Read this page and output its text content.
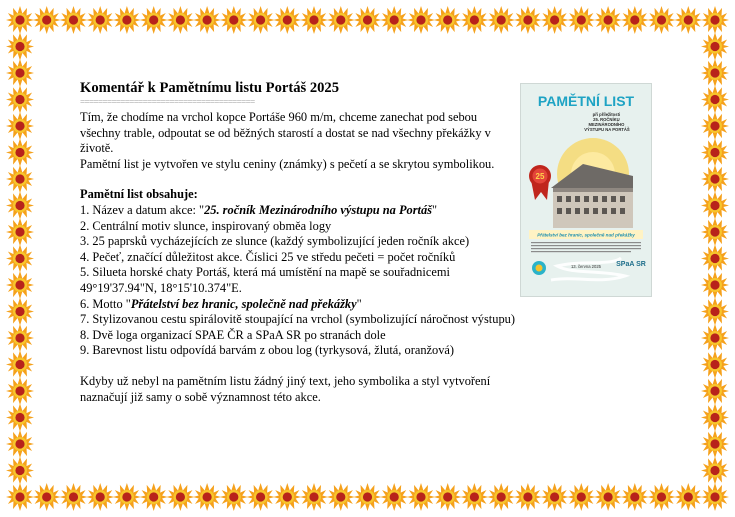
Komentář k Pamětnímu listu Portáš 2025
=======================================

Tím, že chodíme na vrchol kopce Portáše 960 m/m, chceme zanechat pod sebou všechny trable, odpoutat se od běžných starostí a dostat se nad všechny překážky v životě.

Pamětní list je vytvořen ve stylu ceniny (známky) s pečetí a se skrytou symbolikou.

Pamětní list obsahuje:

1. Název a datum akce: "25. ročník Mezinárodního výstupu na Portáš"
2. Centrální motiv slunce, inspirovaný obměa logy
3. 25 paprsků vycházejících ze slunce (každý symbolizující jeden ročník akce)
4. Pečeť, značící důležitost akce. Číslici 25 ve středu pečeti = počet ročníků
5. Silueta horské chaty Portáš, která má umístění na mapě se souřadnicemi 49°19'37.94"N, 18°15'10.374"E.
6. Motto "Přátelství bez hranic, společně nad překážky"
7. Stylizovanou cestu spirálovitě stoupající na vrchol (symbolizující náročnost výstupu)
8. Dvě loga organizací SPAE ČR a SPaA SR po stranách dole
9. Barevnost listu odpovídá barvám z obou log (tyrkysová, žlutá, oranžová)

Kdyby už nebyl na pamětním listu žádný jiný text, jeho symbolika a styl vytvoření naznačují již samy o sobě významnost této akce.

PAMĚTNÍ LIST
při příležitosti 25. ROČNÍKU MEZINÁRODNÍHO VÝSTUPU NA PORTÁŠ
25
Přátelství bez hranic, společně nad překážky
13. června 2025 SPaA SR
